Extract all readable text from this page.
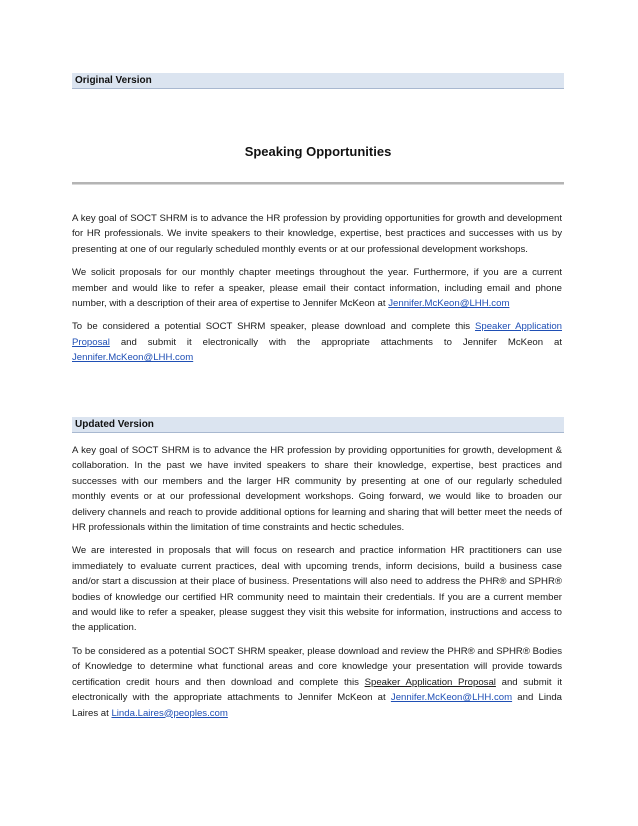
Original Version
Speaking Opportunities

A key goal of SOCT SHRM is to advance the HR profession by providing opportunities for growth and development for HR professionals. We invite speakers to their knowledge, expertise, best practices and successes with us by presenting at one of our regularly scheduled monthly events or at our professional development workshops.

We solicit proposals for our monthly chapter meetings throughout the year. Furthermore, if you are a current member and would like to refer a speaker, please email their contact information, including email and phone number, with a description of their area of expertise to Jennifer McKeon at Jennifer.McKeon@LHH.com

To be considered a potential SOCT SHRM speaker, please download and complete this Speaker Application Proposal and submit it electronically with the appropriate attachments to Jennifer McKeon at Jennifer.McKeon@LHH.com

Updated Version

A key goal of SOCT SHRM is to advance the HR profession by providing opportunities for growth, development & collaboration. In the past we have invited speakers to share their knowledge, expertise, best practices and successes with our members and the larger HR community by presenting at one of our regularly scheduled monthly events or at our professional development workshops. Going forward, we would like to broaden our delivery channels and reach to provide additional options for learning and sharing that will better meet the needs of HR professionals within the limitation of time constraints and hectic schedules.

We are interested in proposals that will focus on research and practice information HR practitioners can use immediately to evaluate current practices, deal with upcoming trends, inform decisions, build a business case and/or start a discussion at their place of business. Presentations will also need to address the PHR® and SPHR® bodies of knowledge our certified HR community need to maintain their credentials. If you are a current member and would like to refer a speaker, please suggest they visit this website for information, instructions and access to the application.

To be considered as a potential SOCT SHRM speaker, please download and review the PHR® and SPHR® Bodies of Knowledge to determine what functional areas and core knowledge your presentation will provide towards certification credit hours and then download and complete this Speaker Application Proposal and submit it electronically with the appropriate attachments to Jennifer McKeon at Jennifer.McKeon@LHH.com and Linda Laires at Linda.Laires@peoples.com
